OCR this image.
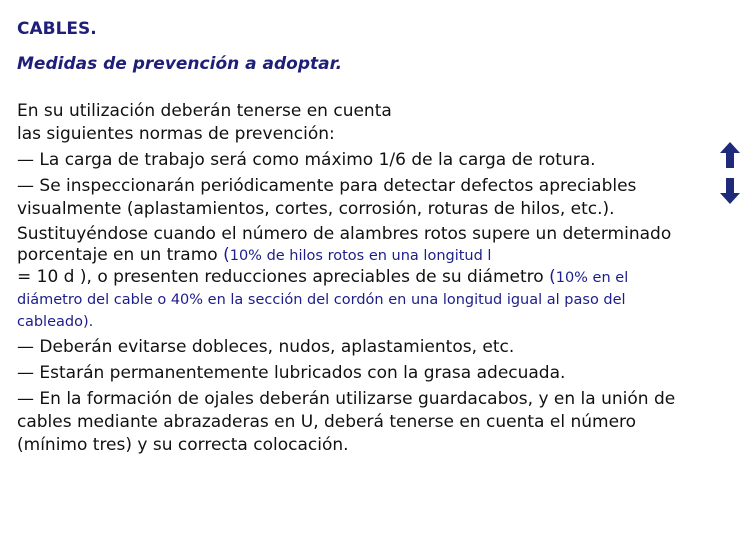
CABLES.
Medidas de prevención a adoptar.

En su utilización deberán tenerse en cuenta
las siguientes normas de prevención:

— La carga de trabajo será como máximo 1/6 de la carga de rotura.

— Se inspeccionarán periódicamente para detectar defectos apreciables visualmente (aplastamientos, cortes, corrosión, roturas de hilos, etc.).

Sustituyéndose cuando el número de alambres rotos supere un determinado porcentaje en un tramo (10% de hilos rotos en una longitud l
= 10 d ), o presenten reducciones apreciables de su diámetro (10% en el diámetro del cable o 40% en la sección del cordón en una longitud igual al paso del cableado).

— Deberán evitarse dobleces, nudos, aplastamientos, etc.

— Estarán permanentemente lubricados con la grasa adecuada.

— En la formación de ojales deberán utilizarse guardacabos, y en la unión de cables mediante abrazaderas en U, deberá tenerse en cuenta el número (mínimo tres) y su correcta colocación.
